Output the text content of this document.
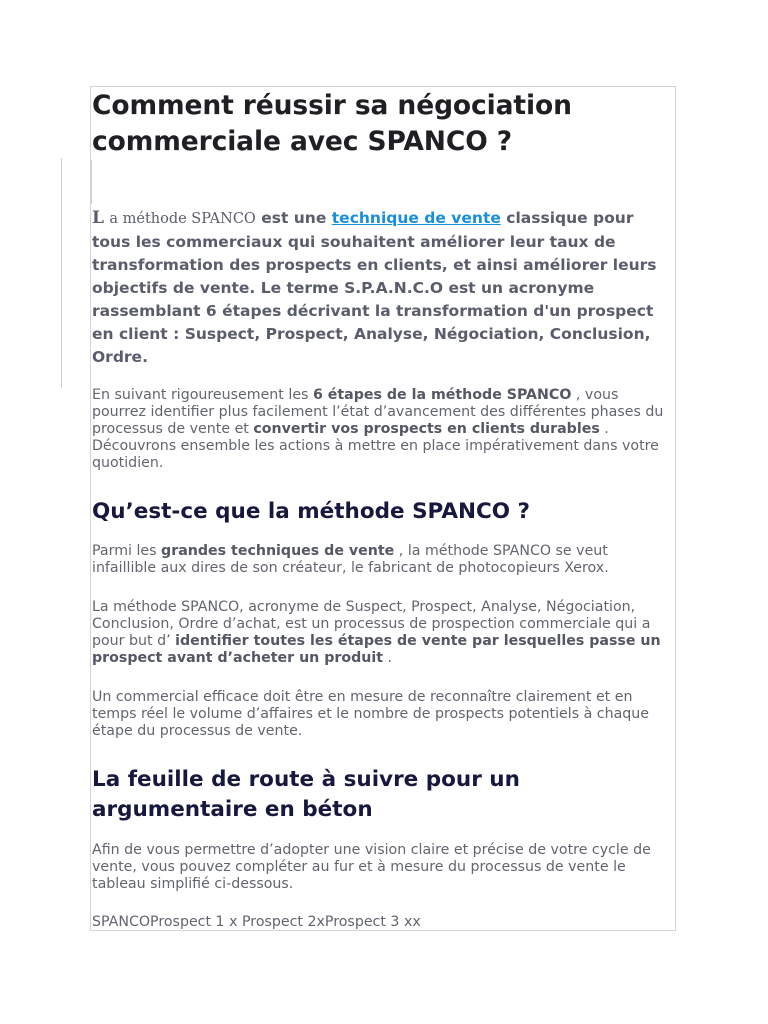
Comment réussir sa négociation commerciale avec SPANCO ?

L a méthode SPANCO est une technique de vente classique pour tous les commerciaux qui souhaitent améliorer leur taux de transformation des prospects en clients, et ainsi améliorer leurs objectifs de vente. Le terme S.P.A.N.C.O est un acronyme rassemblant 6 étapes décrivant la transformation d'un prospect en client : Suspect, Prospect, Analyse, Négociation, Conclusion, Ordre.

En suivant rigoureusement les 6 étapes de la méthode SPANCO , vous pourrez identifier plus facilement l’état d’avancement des différentes phases du processus de vente et convertir vos prospects en clients durables . Découvrons ensemble les actions à mettre en place impérativement dans votre quotidien.

Qu’est-ce que la méthode SPANCO ?

Parmi les grandes techniques de vente , la méthode SPANCO se veut infaillible aux dires de son créateur, le fabricant de photocopieurs Xerox.

La méthode SPANCO, acronyme de Suspect, Prospect, Analyse, Négociation, Conclusion, Ordre d’achat, est un processus de prospection commerciale qui a pour but d’ identifier toutes les étapes de vente par lesquelles passe un prospect avant d’acheter un produit .

Un commercial efficace doit être en mesure de reconnaître clairement et en temps réel le volume d’affaires et le nombre de prospects potentiels à chaque étape du processus de vente.

La feuille de route à suivre pour un argumentaire en béton

Afin de vous permettre d’adopter une vision claire et précise de votre cycle de vente, vous pouvez compléter au fur et à mesure du processus de vente le tableau simplifié ci-dessous.

SPANCOProspect 1 x Prospect 2xProspect 3 xx
